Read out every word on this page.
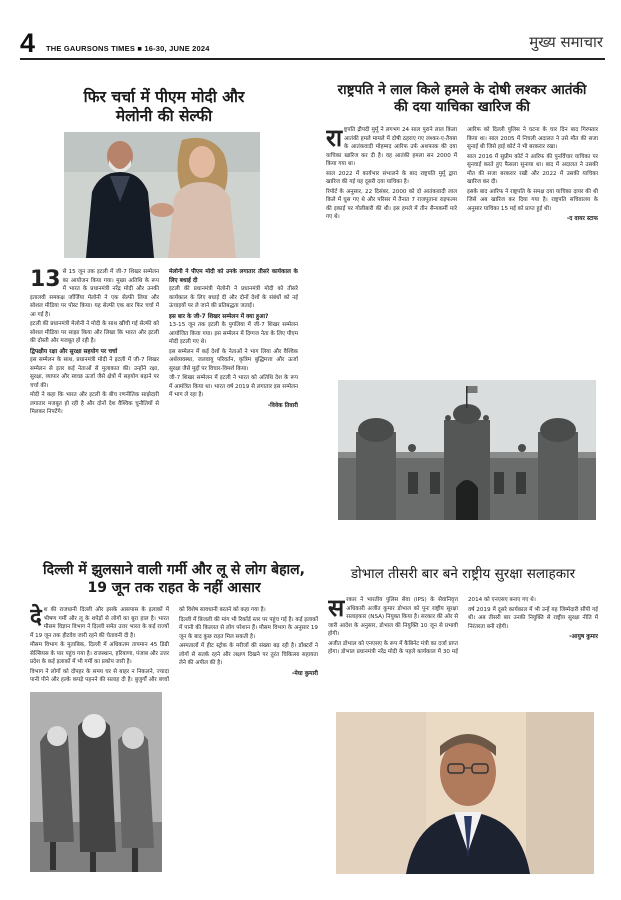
4 THE GAURSONS TIMES ■ 16-30, JUNE 2024	मुख्य समाचार
फिर चर्चा में पीएम मोदी और मेलोनी की सेल्फी
13 से 15 जून तक इटली में जी-7 शिखर सम्मेलन का आयोजन किया गया। मुख्य अतिथि के रूप में भारत के प्रधानमंत्री नरेंद्र मोदी और उनकी इतालवी समकक्ष जॉर्जिया मेलोनी ने एक सेल्फी लिया और सोशल मीडिया पर पोस्ट किया। यह सेल्फी एक बार फिर चर्चा में आ गई है।

इटली की प्रधानमंत्री मेलोनी ने मोदी के साथ खींची गई सेल्फी को सोशल मीडिया पर साझा किया और लिखा कि भारत और इटली की दोस्ती और मजबूत हो रही है।

द्विपक्षीय रक्षा और सुरक्षा सहयोग पर चर्चा

इस सम्मेलन के साथ, प्रधानमंत्री मोदी ने इटली में जी-7 शिखर सम्मेलन से इतर कई नेताओं से मुलाकात की। उन्होंने रक्षा, सुरक्षा, व्यापार और स्वच्छ ऊर्जा जैसे क्षेत्रों में सहयोग बढ़ाने पर चर्चा की।

मोदी ने कहा कि भारत और इटली के बीच रणनीतिक साझेदारी लगातार मजबूत हो रही है और दोनों देश वैश्विक चुनौतियों से मिलकर निपटेंगे।

मेलोनी ने पीएम मोदी को उनके लगातार तीसरे कार्यकाल के लिए बधाई दी

इटली की प्रधानमंत्री मेलोनी ने प्रधानमंत्री मोदी को तीसरे कार्यकाल के लिए बधाई दी और दोनों देशों के संबंधों को नई ऊंचाइयों पर ले जाने की प्रतिबद्धता जताई।

इस बार के जी-7 शिखर सम्मेलन में क्या हुआ?

13-15 जून तक इटली के पुगलिया में जी-7 शिखर सम्मेलन आयोजित किया गया। इस सम्मेलन में दिग्गज नेता के लिए पीएम मोदी इटली गए थे।

इस सम्मेलन में कई देशों के नेताओं ने भाग लिया और वैश्विक अर्थव्यवस्था, जलवायु परिवर्तन, कृत्रिम बुद्धिमत्ता और ऊर्जा सुरक्षा जैसे मुद्दों पर विचार-विमर्श किया।

जी-7 शिखर सम्मेलन में इटली ने भारत को अतिथि देश के रूप में आमंत्रित किया था। भारत वर्ष 2019 से लगातार इस सम्मेलन में भाग ले रहा है।

-विवेक तिवारी
राष्ट्रपति ने लाल किले हमले के दोषी लश्कर आतंकी की दया याचिका खारिज की
रा ष्ट्रपति द्रौपदी मुर्मू ने लगभग 24 साल पुराने लाल किला आतंकी हमले मामले में दोषी ठहराए गए लश्कर-ए-तैयबा के आतंकवादी मोहम्मद आरिफ उर्फ अशफाक की दया याचिका खारिज कर दी है। वह आतंकी हमला सन 2000 में किया गया था।

साल 2022 में कार्यभार संभालने के बाद राष्ट्रपति मुर्मू द्वारा खारिज की गई यह दूसरी दया याचिका है।

रिपोर्ट के अनुसार, 22 दिसंबर, 2000 को दो आतंकवादी लाल किले में घुस गए थे और परिसर में तैनात 7 राजपूताना राइफल्स की इकाई पर गोलीबारी की थी। इस हमले में तीन सैन्यकर्मी मारे गए थे।

आरिफ को दिल्ली पुलिस ने घटना के चार दिन बाद गिरफ्तार किया था। साल 2005 में निचली अदालत ने उसे मौत की सजा सुनाई थी जिसे हाई कोर्ट ने भी बरकरार रखा।

साल 2016 में सुप्रीम कोर्ट ने आरिफ की पुनर्विचार याचिका पर सुनवाई करते हुए फैसला सुनाया था। बाद में अदालत ने उसकी मौत की सजा बरकरार रखी और 2022 में उसकी याचिका खारिज कर दी।

इसके बाद आरिफ ने राष्ट्रपति के समक्ष दया याचिका दायर की थी जिसे अब खारिज कर दिया गया है। राष्ट्रपति सचिवालय के अनुसार याचिका 15 मई को प्राप्त हुई थी।

-द वायर स्टाफ
दिल्ली में झुलसाने वाली गर्मी और लू से लोग बेहाल, 19 जून तक राहत के नहीं आसार
दे श की राजधानी दिल्ली और इसके आसपास के इलाकों में भीषण गर्मी और लू के थपेड़ों से लोगों का बुरा हाल है। भारत मौसम विज्ञान विभाग ने दिल्ली समेत उत्तर भारत के कई राज्यों में 19 जून तक हीटवेव जारी रहने की चेतावनी दी है।

मौसम विभाग के मुताबिक, दिल्ली में अधिकतम तापमान 45 डिग्री सेल्सियस के पार पहुंच गया है। राजस्थान, हरियाणा, पंजाब और उत्तर प्रदेश के कई इलाकों में भी गर्मी का प्रकोप जारी है।

विभाग ने लोगों को दोपहर के समय घर से बाहर न निकलने, ज्यादा पानी पीने और हल्के कपड़े पहनने की सलाह दी है। बुजुर्गों और बच्चों को विशेष सावधानी बरतने को कहा गया है।

दिल्ली में बिजली की मांग भी रिकॉर्ड स्तर पर पहुंच गई है। कई इलाकों में पानी की किल्लत से लोग परेशान हैं। मौसम विभाग के अनुसार 19 जून के बाद कुछ राहत मिल सकती है।

अस्पतालों में हीट स्ट्रोक के मरीजों की संख्या बढ़ रही है। डॉक्टरों ने लोगों से सतर्क रहने और लक्षण दिखने पर तुरंत चिकित्सा सहायता लेने की अपील की है।

-मेघा कुमारी
डोभाल तीसरी बार बने राष्ट्रीय सुरक्षा सलाहकार
स रकार ने भारतीय पुलिस सेवा (IPS) के सेवानिवृत्त अधिकारी अजीत कुमार डोभाल को पुनः राष्ट्रीय सुरक्षा सलाहकार (NSA) नियुक्त किया है। सरकार की ओर से जारी आदेश के अनुसार, डोभाल की नियुक्ति 10 जून से प्रभावी होगी।

अजीत डोभाल को एनएसए के रूप में कैबिनेट मंत्री का दर्जा प्राप्त होगा। डोभाल प्रधानमंत्री नरेंद्र मोदी के पहले कार्यकाल में 30 मई 2014 को एनएसए बनाए गए थे।

वर्ष 2019 में दूसरे कार्यकाल में भी उन्हें यह जिम्मेदारी सौंपी गई थी। अब तीसरी बार उनकी नियुक्ति से राष्ट्रीय सुरक्षा नीति में निरंतरता बनी रहेगी।

-आयुष कुमार
